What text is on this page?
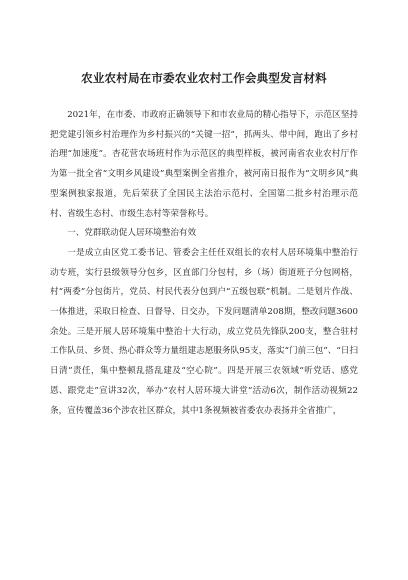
农业农村局在市委农业农村工作会典型发言材料

2021年，在市委、市政府正确领导下和市农业局的精心指导下，示范区坚持把党建引领乡村治理作为乡村振兴的“关键一招”，抓两头、带中间，跑出了乡村治理“加速度”。杏花营农场班村作为示范区的典型样板，被河南省农业农村厅作为第一批全省“文明乡风建设”典型案例全省推介，被河南日报作为“文明乡风”典型案例独家报道，先后荣获了全国民主法治示范村、全国第二批乡村治理示范村、省级生态村、市级生态村等荣誉称号。

一、党群联动促人居环境整治有效

一是成立由区党工委书记、管委会主任任双组长的农村人居环境集中整治行动专班，实行县级领导分包乡，区直部门分包村，乡（场）街道班子分包网格，村“两委”分包街片，党员、村民代表分包到户“五级包联”机制。二是划片作战、一体推进，采取日检查、日督导、日交办，下发问题清单208期，整改问题3600余处。三是开展人居环境集中整治十大行动，成立党员先锋队200支，整合驻村工作队员、乡贤、热心群众等力量组建志愿服务队95支，落实“门前三包”、“日扫日清”责任，集中整顿乱搭乱建及“空心院”。四是开展三农领域“听党话、感党恩、跟党走”宣讲32次，举办“农村人居环境大讲堂”活动6次，制作活动视频22条，宣传覆盖36个涉农社区群众，其中1条视频被省委农办表扬并全省推广，
